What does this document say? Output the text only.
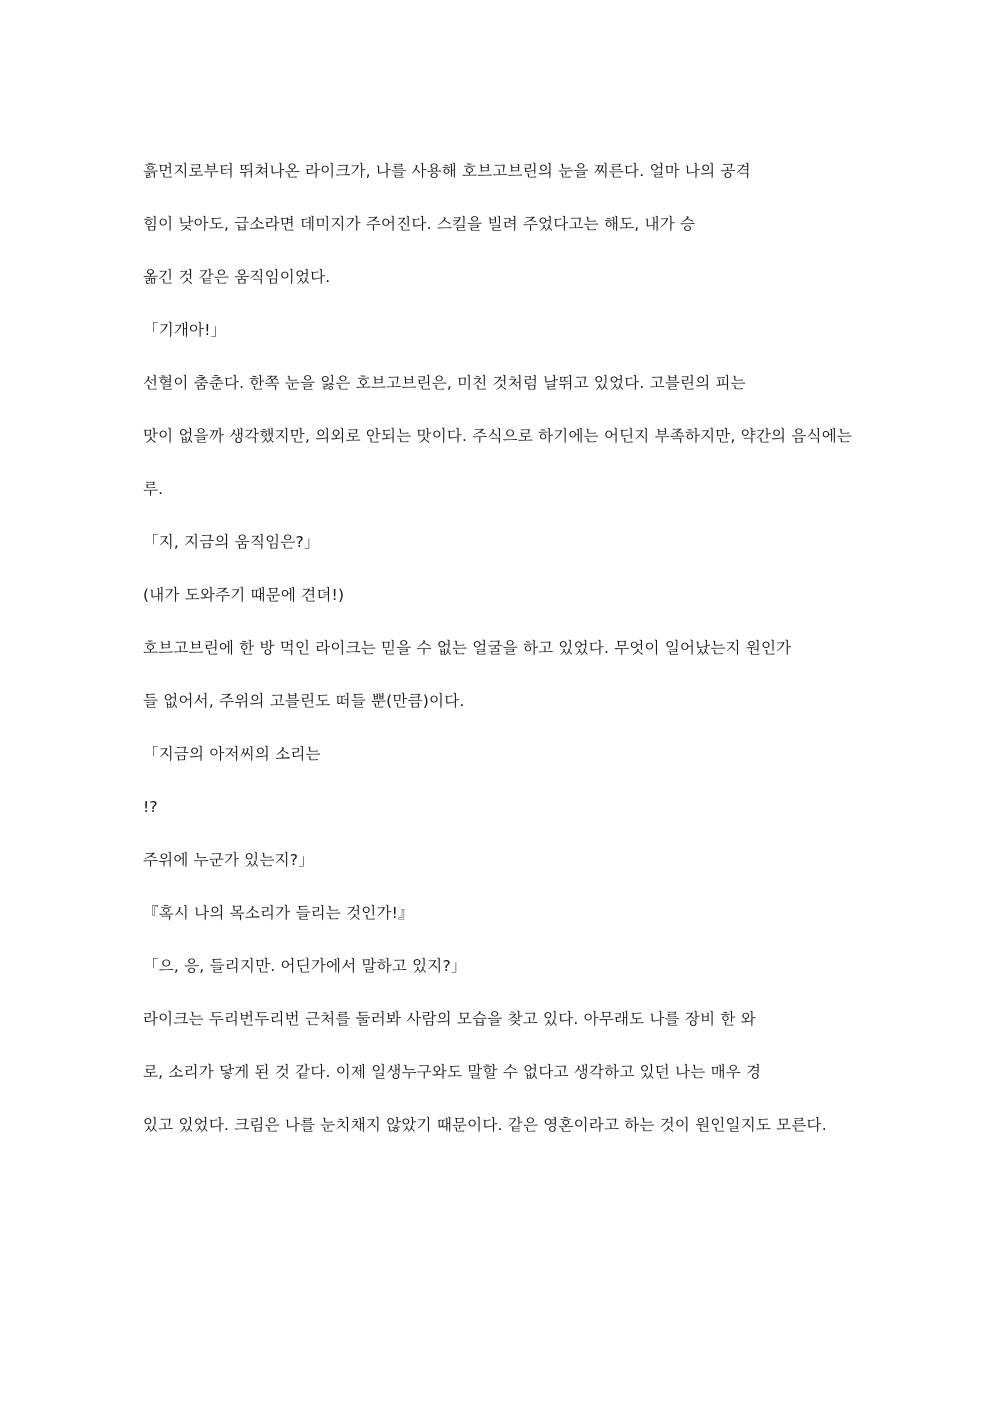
흙먼지로부터 뛰쳐나온 라이크가, 나를 사용해 호브고브린의 눈을 찌른다. 얼마 나의 공격

힘이 낮아도, 급소라면 데미지가 주어진다. 스킬을 빌려 주었다고는 해도, 내가 승

옮긴 것 같은 움직임이었다.

「기개아!」

선혈이 춤춘다. 한쪽 눈을 잃은 호브고브린은, 미친 것처럼 날뛰고 있었다. 고블린의 피는

맛이 없을까 생각했지만, 의외로 안되는 맛이다. 주식으로 하기에는 어딘지 부족하지만, 약간의 음식에는

루.

「지, 지금의 움직임은?」

(내가 도와주기 때문에 견뎌!)

호브고브린에 한 방 먹인 라이크는 믿을 수 없는 얼굴을 하고 있었다. 무엇이 일어났는지 원인가

들 없어서, 주위의 고블린도 떠들 뿐(만큼)이다.

「지금의 아저씨의 소리는

!?

주위에 누군가 있는지?」

『혹시 나의 목소리가 들리는 것인가!』

「으, 응, 들리지만. 어딘가에서 말하고 있지?」

라이크는 두리번두리번 근처를 둘러봐 사람의 모습을 찾고 있다. 아무래도 나를 장비 한 와

로, 소리가 닿게 된 것 같다. 이제 일생누구와도 말할 수 없다고 생각하고 있던 나는 매우 경

있고 있었다. 크림은 나를 눈치채지 않았기 때문이다. 같은 영혼이라고 하는 것이 원인일지도 모른다.
